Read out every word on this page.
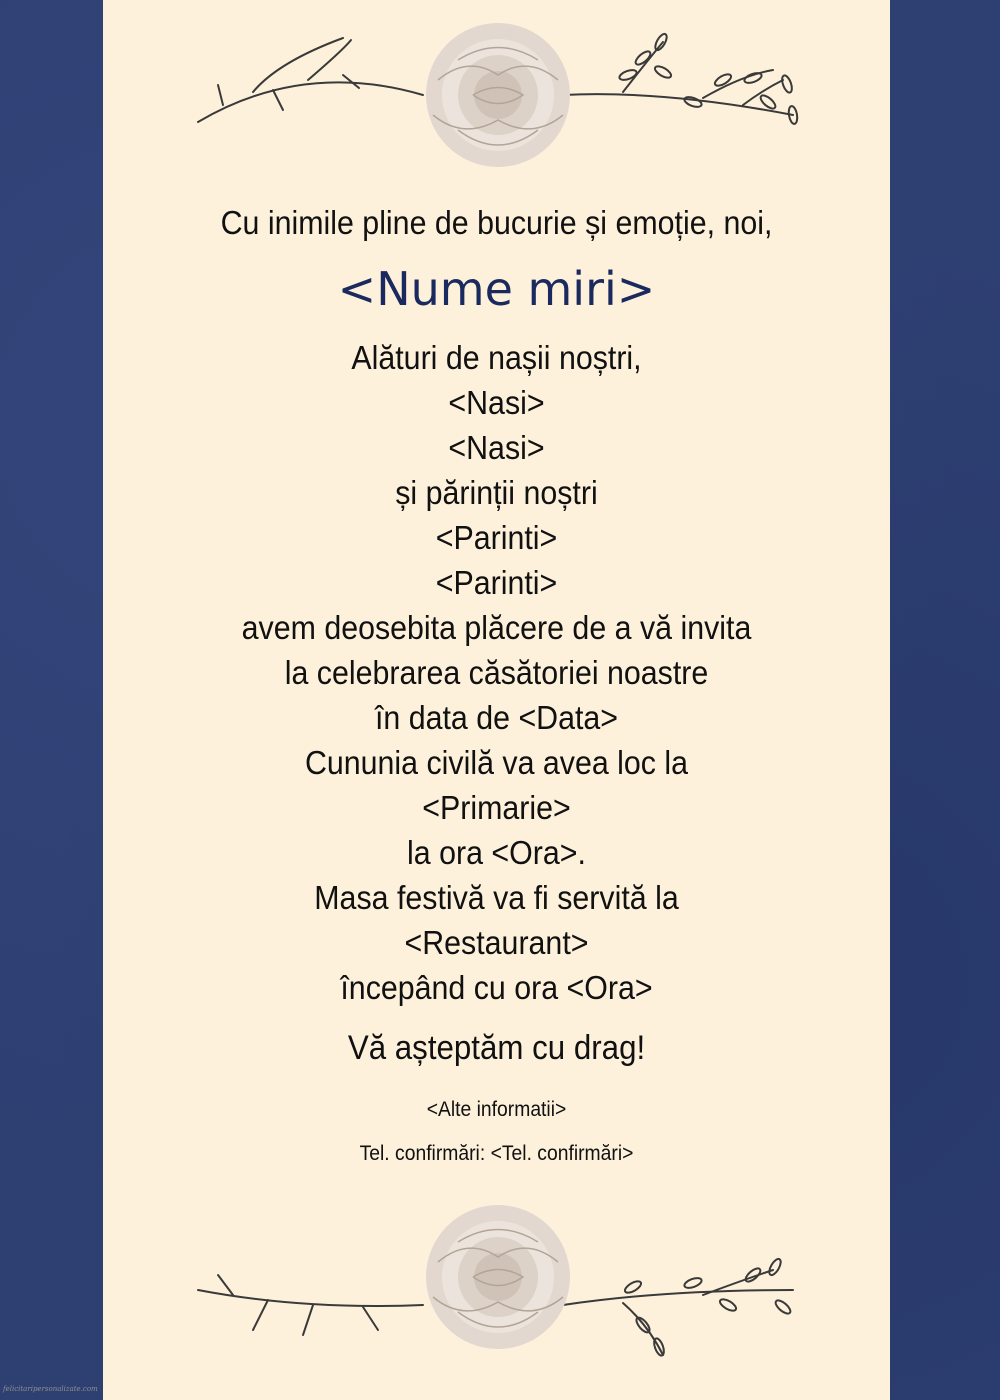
Cu inimile pline de bucurie și emoție, noi,
<Nume miri>
Alături de nașii noștri,
<Nasi>
<Nasi>
și părinții noștri
<Parinti>
<Parinti>
avem deosebita plăcere de a vă invita
la celebrarea căsătoriei noastre
în data de <Data>
Cununia civilă va avea loc la
<Primarie>
la ora <Ora>.
Masa festivă va fi servită la
<Restaurant>
începând cu ora <Ora>
Vă așteptăm cu drag!
<Alte informatii>
Tel. confirmări: <Tel. confirmări>
felicitaripersonalizate.com
